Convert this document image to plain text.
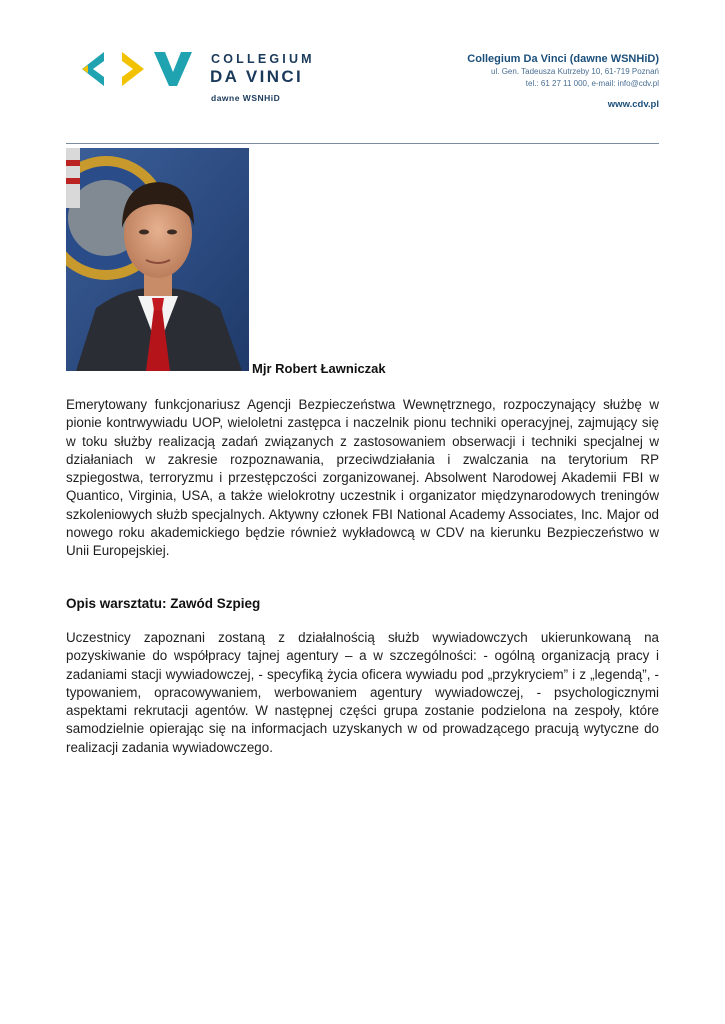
COLLEGIUM
DA VINCI
dawne WSNHiD
Collegium Da Vinci (dawne WSNHiD)
ul. Gen. Tadeusza Kutrzeby 10, 61-719 Poznań
tel.: 61 27 11 000, e-mail: info@cdv.pl
www.cdv.pl
Mjr Robert Ławniczak

Emerytowany funkcjonariusz Agencji Bezpieczeństwa Wewnętrznego, rozpoczynający służbę w pionie kontrwywiadu UOP, wieloletni zastępca i naczelnik pionu techniki operacyjnej, zajmujący się w toku służby realizacją zadań związanych z zastosowaniem obserwacji i techniki specjalnej w działaniach w zakresie rozpoznawania, przeciwdziałania i zwalczania na terytorium RP szpiegostwa, terroryzmu i przestępczości zorganizowanej. Absolwent Narodowej Akademii FBI w Quantico, Virginia, USA, a także wielokrotny uczestnik i organizator międzynarodowych treningów szkoleniowych służb specjalnych. Aktywny członek FBI National Academy Associates, Inc. Major od nowego roku akademickiego będzie również wykładowcą w CDV na kierunku Bezpieczeństwo w Unii Europejskiej.

Opis warsztatu: Zawód Szpieg

Uczestnicy zapoznani zostaną z działalnością służb wywiadowczych ukierunkowaną na pozyskiwanie do współpracy tajnej agentury – a w szczególności: - ogólną organizacją pracy i zadaniami stacji wywiadowczej, - specyfiką życia oficera wywiadu pod „przykryciem” i z „legendą”, - typowaniem, opracowywaniem, werbowaniem agentury wywiadowczej, - psychologicznymi aspektami rekrutacji agentów. W następnej części grupa zostanie podzielona na zespoły, które samodzielnie opierając się na informacjach uzyskanych w od prowadzącego pracują wytyczne do realizacji zadania wywiadowczego.
